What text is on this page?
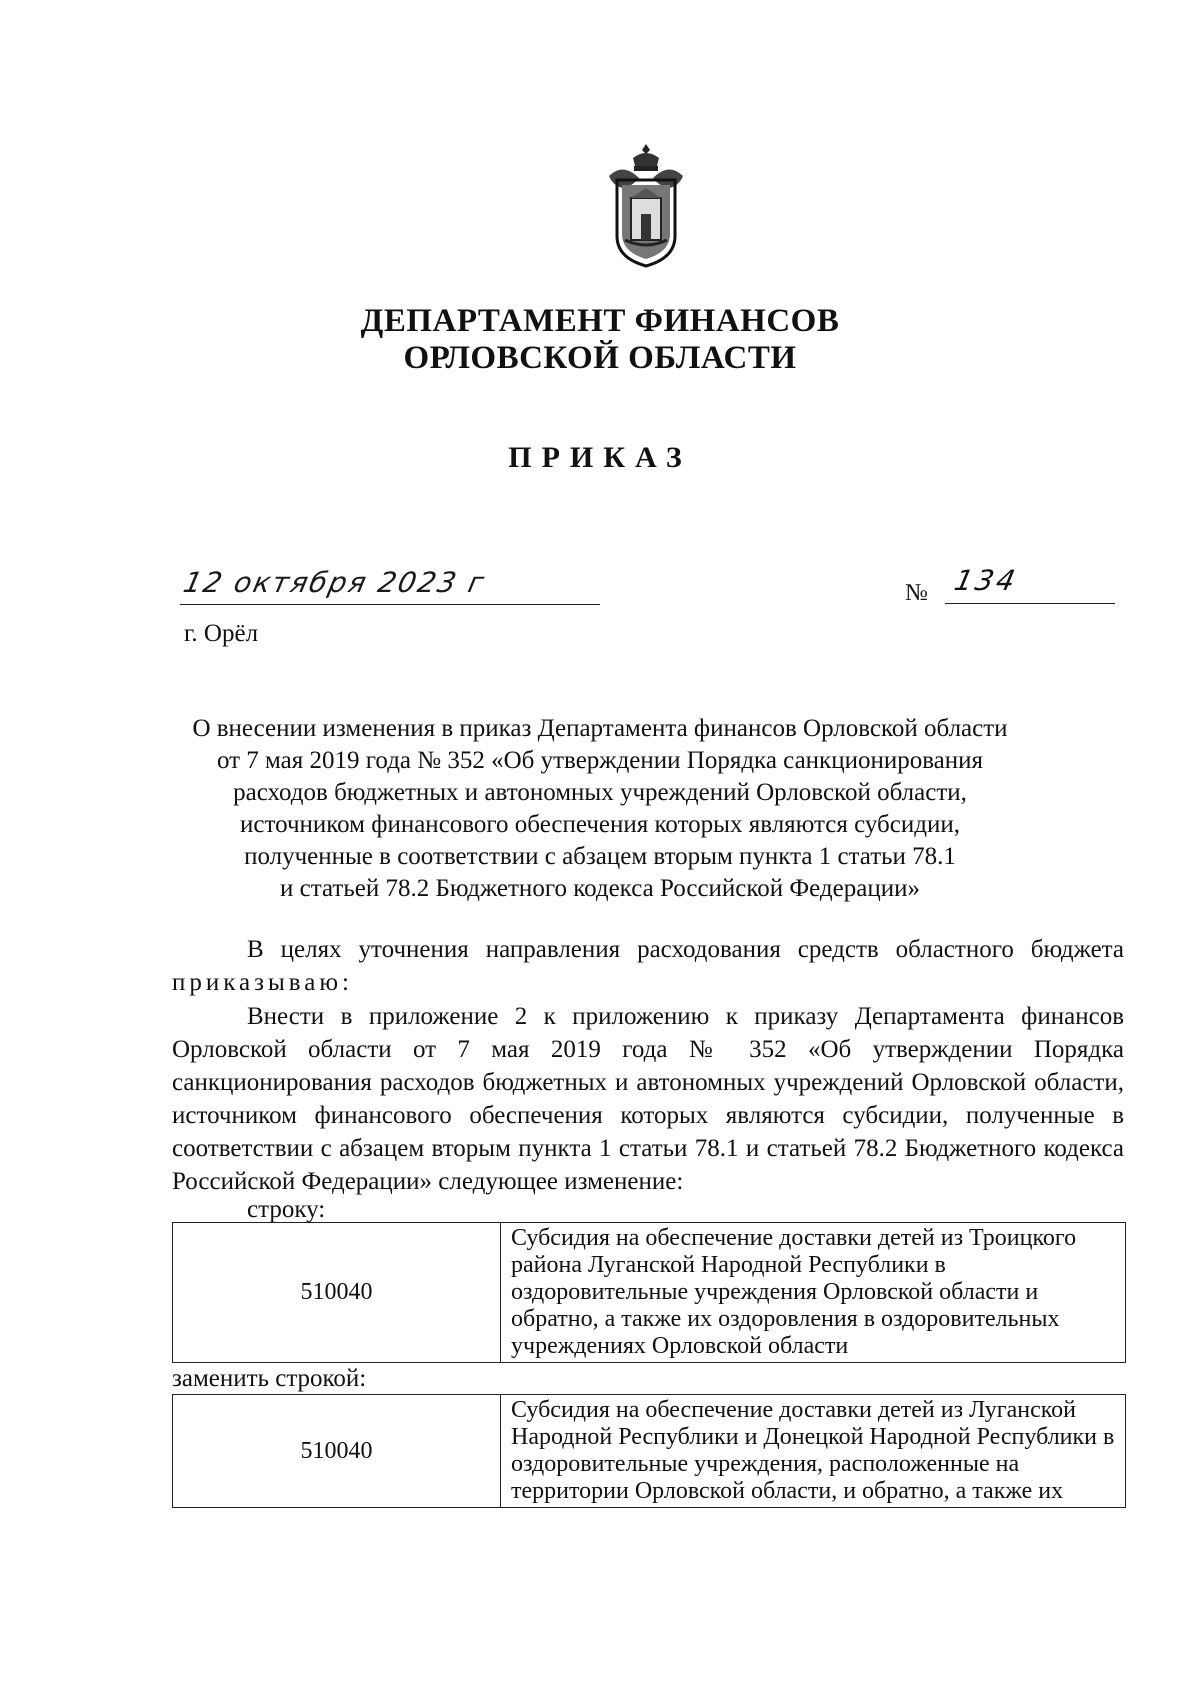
ДЕПАРТАМЕНТ ФИНАНСОВ
ОРЛОВСКОЙ ОБЛАСТИ
ПРИКАЗ
12 октября 2023 г	№ 134
г. Орёл
О внесении изменения в приказ Департамента финансов Орловской области
от 7 мая 2019 года № 352 «Об утверждении Порядка санкционирования
расходов бюджетных и автономных учреждений Орловской области,
источником финансового обеспечения которых являются субсидии,
полученные в соответствии с абзацем вторым пункта 1 статьи 78.1
и статьей 78.2 Бюджетного кодекса Российской Федерации»
В целях уточнения направления расходования средств областного бюджета приказываю:
Внести в приложение 2 к приложению к приказу Департамента финансов Орловской области от 7 мая 2019 года № 352 «Об утверждении Порядка санкционирования расходов бюджетных и автономных учреждений Орловской области, источником финансового обеспечения которых являются субсидии, полученные в соответствии с абзацем вторым пункта 1 статьи 78.1 и статьей 78.2 Бюджетного кодекса Российской Федерации» следующее изменение:
строку:
510040	Субсидия на обеспечение доставки детей из Троицкого района Луганской Народной Республики в оздоровительные учреждения Орловской области и обратно, а также их оздоровления в оздоровительных учреждениях Орловской области
заменить строкой:
510040	Субсидия на обеспечение доставки детей из Луганской Народной Республики и Донецкой Народной Республики в оздоровительные учреждения, расположенные на территории Орловской области, и обратно, а также их
